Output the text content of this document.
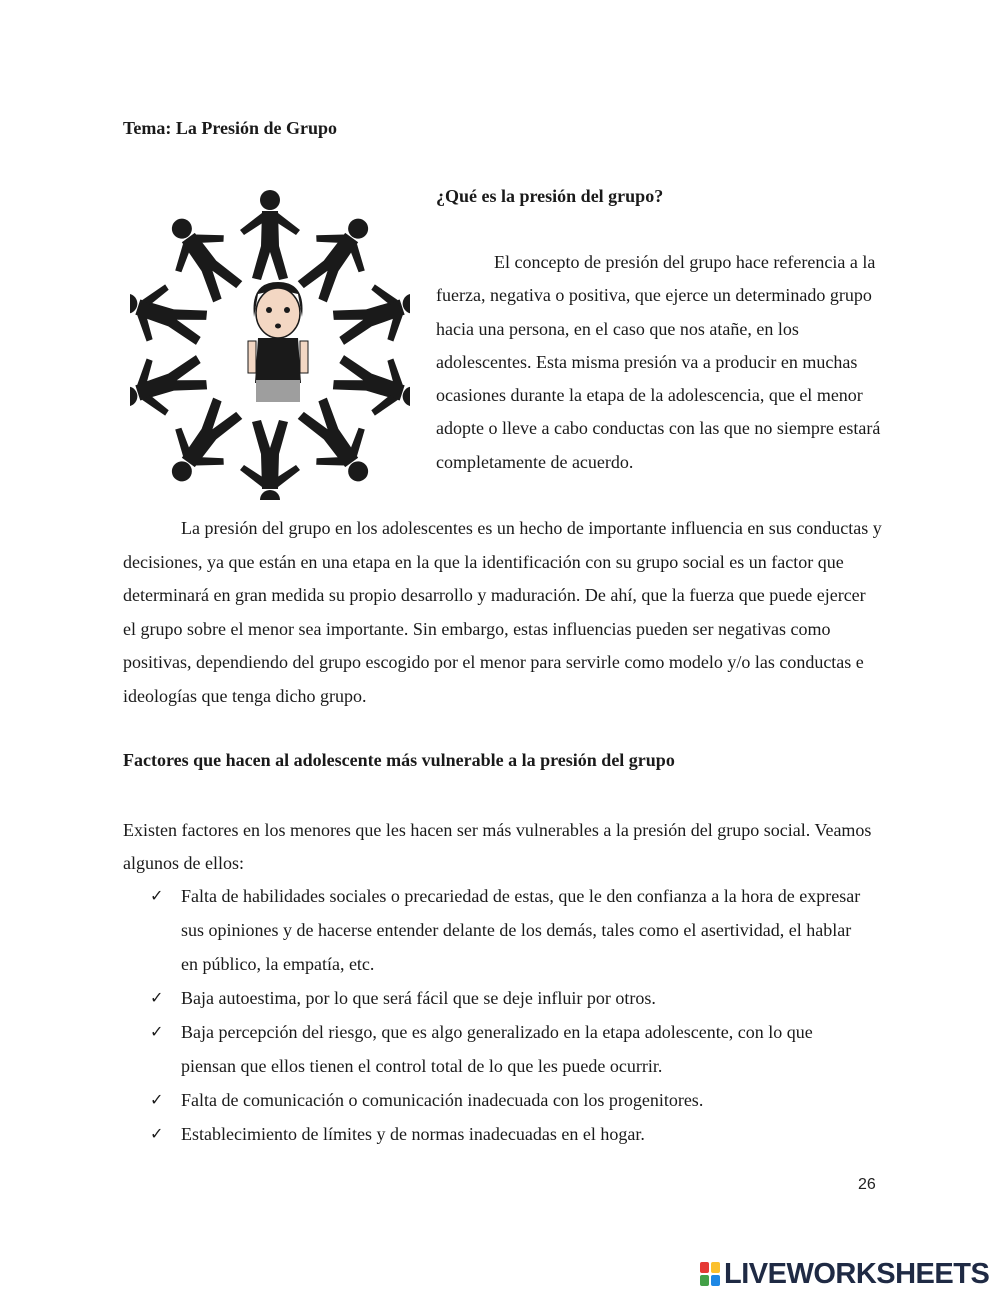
Tema: La Presión de Grupo
¿Qué es la presión del grupo?

El concepto de presión del grupo hace referencia a la fuerza, negativa o positiva, que ejerce un determinado grupo hacia una persona, en el caso que nos atañe, en los adolescentes. Esta misma presión va a producir en muchas ocasiones durante la etapa de la adolescencia, que el menor adopte o lleve a cabo conductas con las que no siempre estará completamente de acuerdo.

La presión del grupo en los adolescentes es un hecho de importante influencia en sus conductas y decisiones, ya que están en una etapa en la que la identificación con su grupo social es un factor que determinará en gran medida su propio desarrollo y maduración. De ahí, que la fuerza que puede ejercer el grupo sobre el menor sea importante. Sin embargo, estas influencias pueden ser negativas como positivas, dependiendo del grupo escogido por el menor para servirle como modelo y/o las conductas e ideologías que tenga dicho grupo.

Factores que hacen al adolescente más vulnerable a la presión del grupo

Existen factores en los menores que les hacen ser más vulnerables a la presión del grupo social. Veamos algunos de ellos:

✓ Falta de habilidades sociales o precariedad de estas, que le den confianza a la hora de expresar sus opiniones y de hacerse entender delante de los demás, tales como el asertividad, el hablar en público, la empatía, etc.
✓ Baja autoestima, por lo que será fácil que se deje influir por otros.
✓ Baja percepción del riesgo, que es algo generalizado en la etapa adolescente, con lo que piensan que ellos tienen el control total de lo que les puede ocurrir.
✓ Falta de comunicación o comunicación inadecuada con los progenitores.
✓ Establecimiento de límites y de normas inadecuadas en el hogar.
26
LIVEWORKSHEETS
